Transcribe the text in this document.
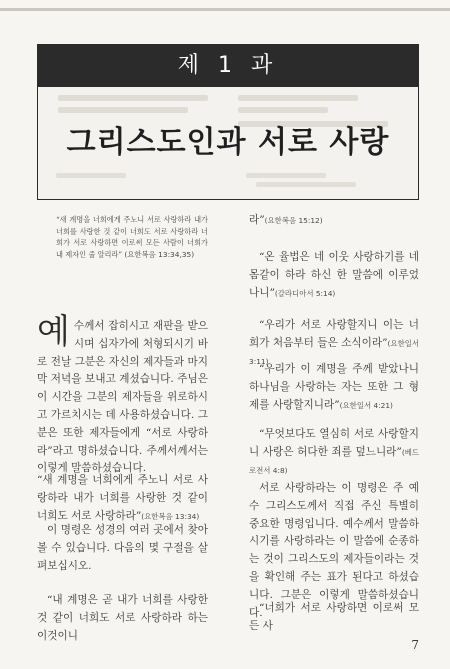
제 1 과
그리스도인과 서로 사랑
“새 계명을 너희에게 주노니 서로 사랑하라 내가 너희를 사랑한 것 같이 너희도 서로 사랑하라 너희가 서로 사랑하면 이로써 모든 사람이 너희가 내 제자인 줄 알리라” (요한복음 13:34,35)
예수께서 잡히시고 재판을 받으시며 십자가에 처형되시기 바로 전날 그분은 자신의 제자들과 마지막 저녁을 보내고 계셨습니다. 주님은 이 시간을 그분의 제자들을 위로하시고 가르치시는 데 사용하셨습니다. 그분은 또한 제자들에게 “서로 사랑하라”라고 명하셨습니다. 주께서께서는 이렇게 말씀하셨습니다.
“새 계명을 너희에게 주노니 서로 사랑하라 내가 너희를 사랑한 것 같이 너희도 서로 사랑하라”(요한복음 13:34)
이 명령은 성경의 여러 곳에서 찾아볼 수 있습니다. 다음의 몇 구절을 살펴보십시오.
“내 계명은 곧 내가 너희를 사랑한 것 같이 너희도 서로 사랑하라 하는 이것이니
라”(요한복음 15:12)
“온 율법은 네 이웃 사랑하기를 네 몸같이 하라 하신 한 말씀에 이루었나니”(갈라디아서 5:14)
“우리가 서로 사랑할지니 이는 너희가 처음부터 들은 소식이라”(요한일서 3:11)
“우리가 이 계명을 주께 받았나니 하나님을 사랑하는 자는 또한 그 형제를 사랑할지니라”(요한일서 4:21)
“무엇보다도 열심히 서로 사랑할지니 사랑은 허다한 죄를 덮느니라”(베드로전서 4:8)
서로 사랑하라는 이 명령은 주 예수 그리스도께서 직접 주신 특별히 중요한 명령입니다. 예수께서 말씀하시기를 사랑하라는 이 말씀에 순종하는 것이 그리스도의 제자들이라는 것을 확인해 주는 표가 된다고 하셨습니다. 그분은 이렇게 말씀하셨습니다.
“너희가 서로 사랑하면 이로써 모든 사
7
